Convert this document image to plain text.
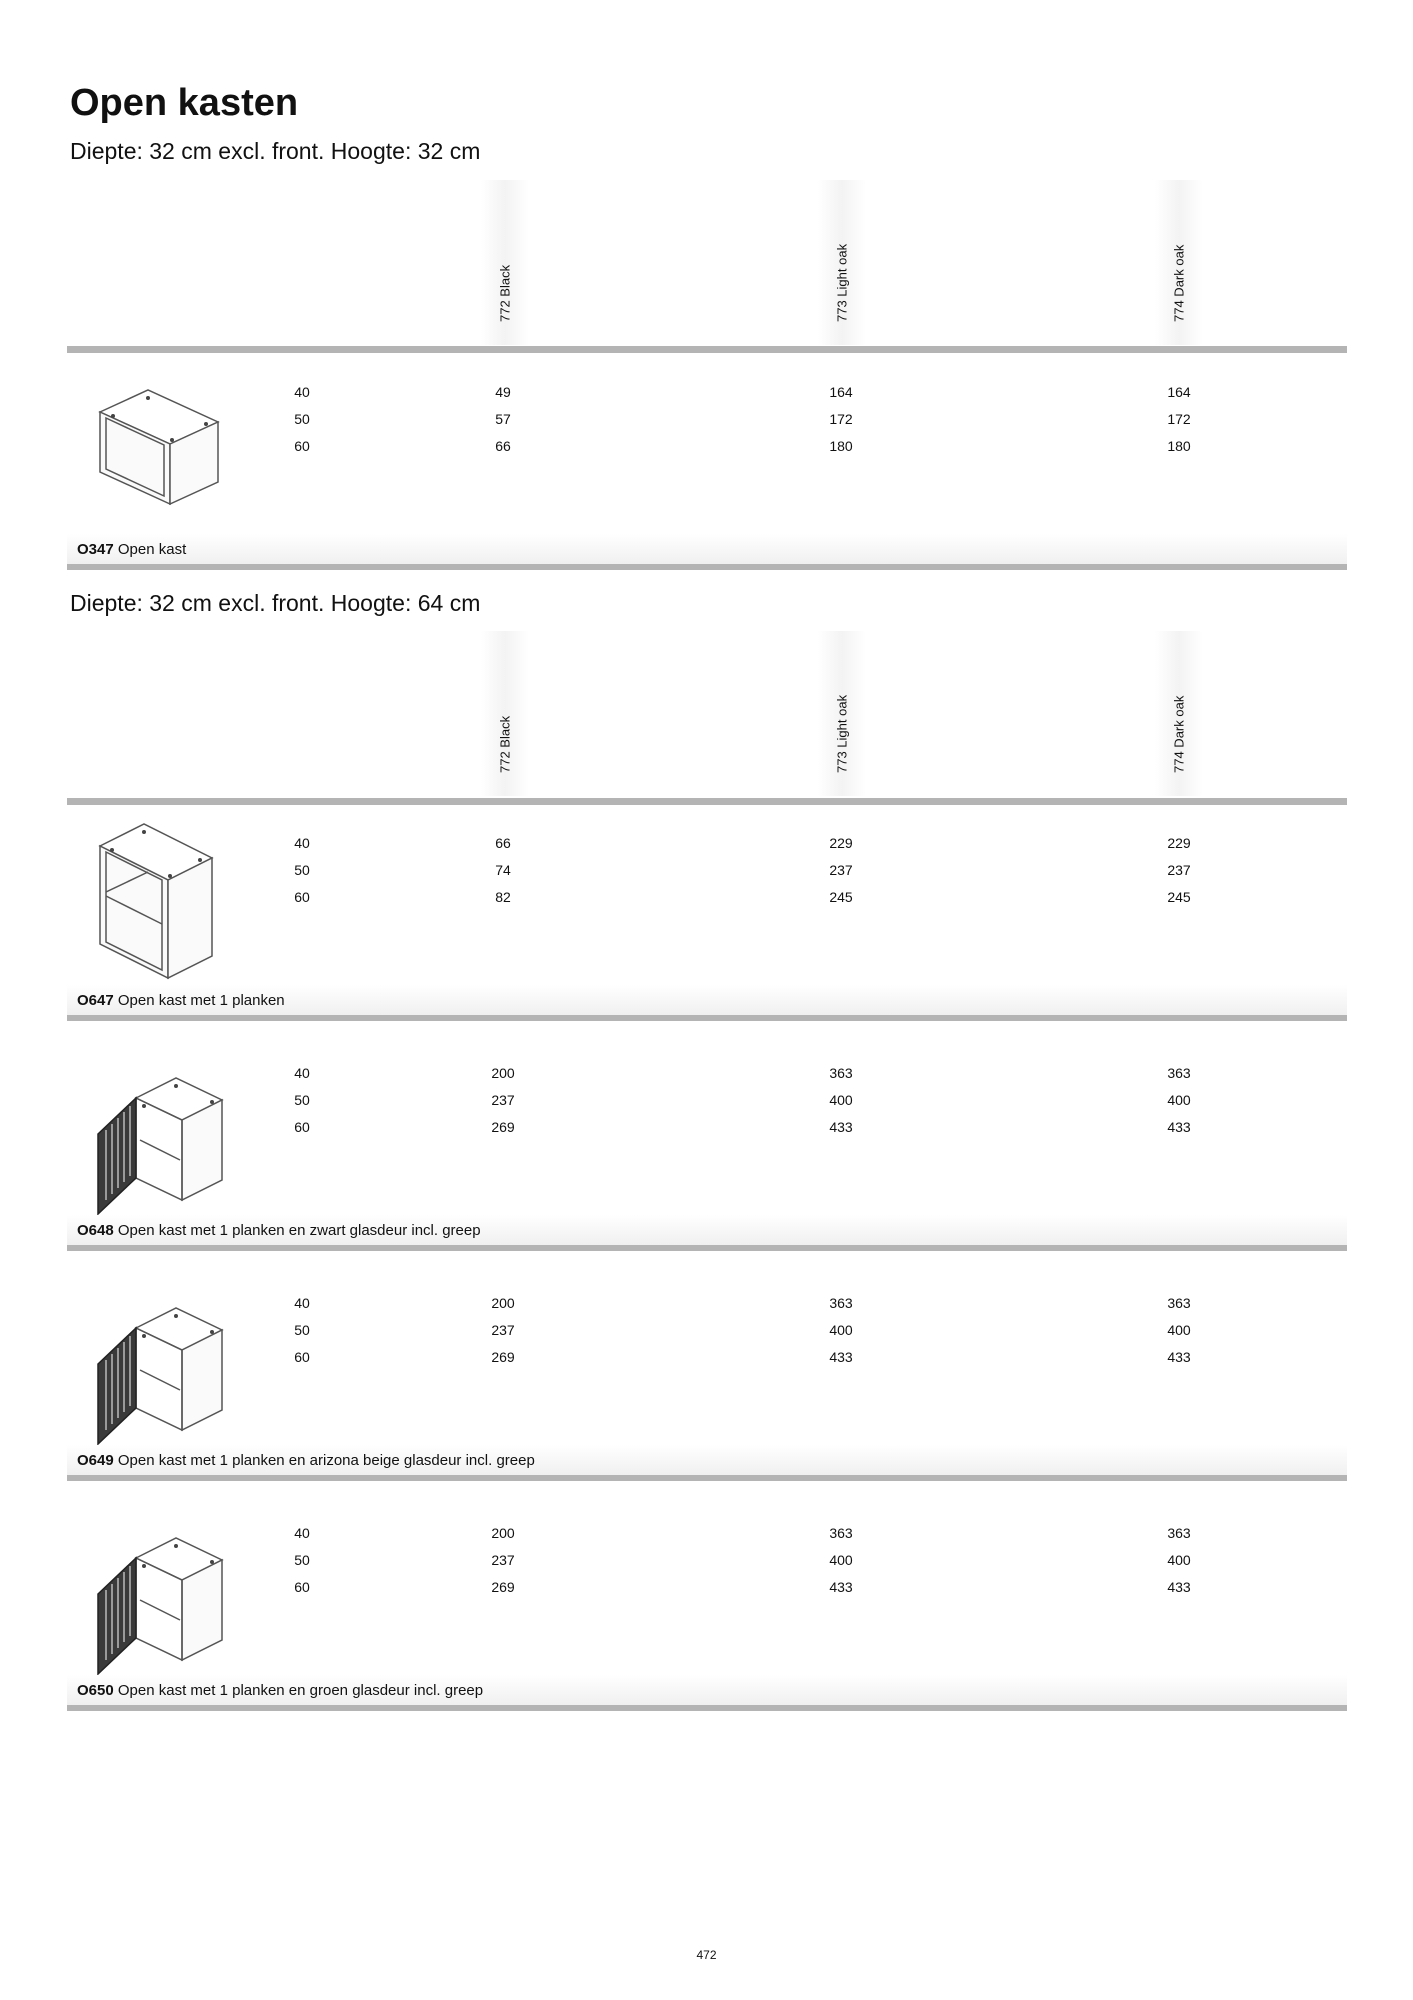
Open kasten
Diepte: 32 cm excl. front. Hoogte: 32 cm
772 Black	773 Light oak	774 Dark oak
40	49	164	164
50	57	172	172
60	66	180	180
O347 Open kast
Diepte: 32 cm excl. front. Hoogte: 64 cm
772 Black	773 Light oak	774 Dark oak
40	66	229	229
50	74	237	237
60	82	245	245
O647 Open kast met 1 planken
40	200	363	363
50	237	400	400
60	269	433	433
O648 Open kast met 1 planken en zwart glasdeur incl. greep
40	200	363	363
50	237	400	400
60	269	433	433
O649 Open kast met 1 planken en arizona beige glasdeur incl. greep
40	200	363	363
50	237	400	400
60	269	433	433
O650 Open kast met 1 planken en groen glasdeur incl. greep
472
